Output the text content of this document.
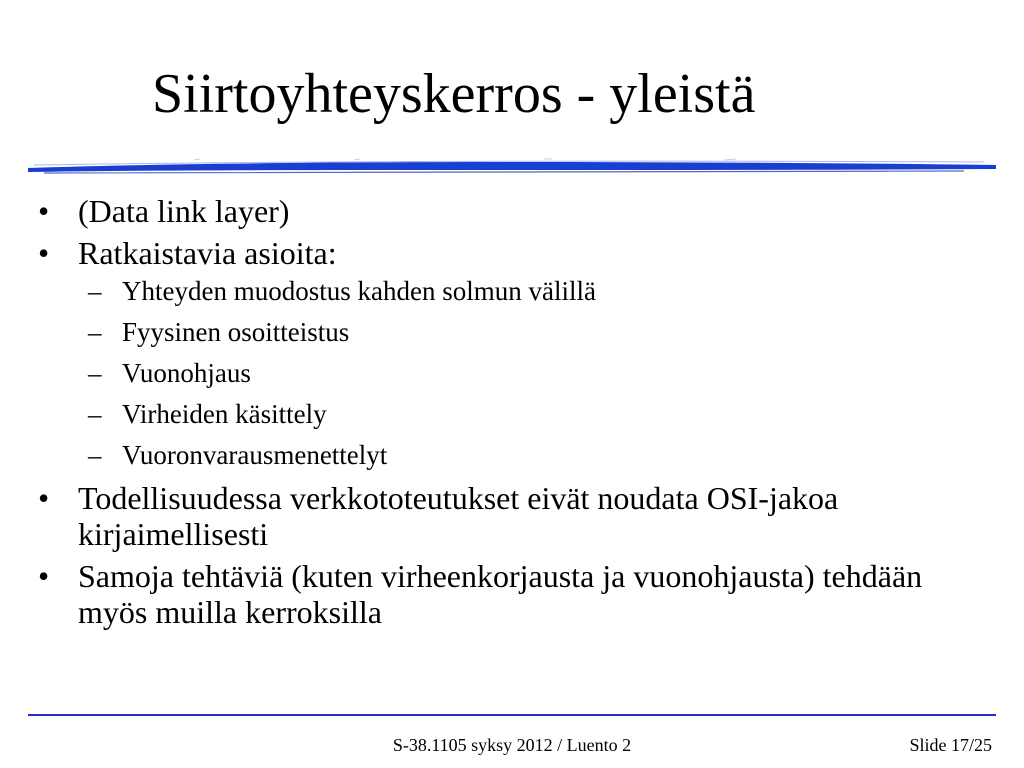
Siirtoyhteyskerros - yleistä
• (Data link layer)
• Ratkaistavia asioita:
– Yhteyden muodostus kahden solmun välillä
– Fyysinen osoitteistus
– Vuonohjaus
– Virheiden käsittely
– Vuoronvarausmenettelyt
• Todellisuudessa verkkototeutukset eivät noudata OSI-jakoa kirjaimellisesti
• Samoja tehtäviä (kuten virheenkorjausta ja vuonohjausta) tehdään myös muilla kerroksilla
S-38.1105 syksy 2012 / Luento 2	Slide 17/25
